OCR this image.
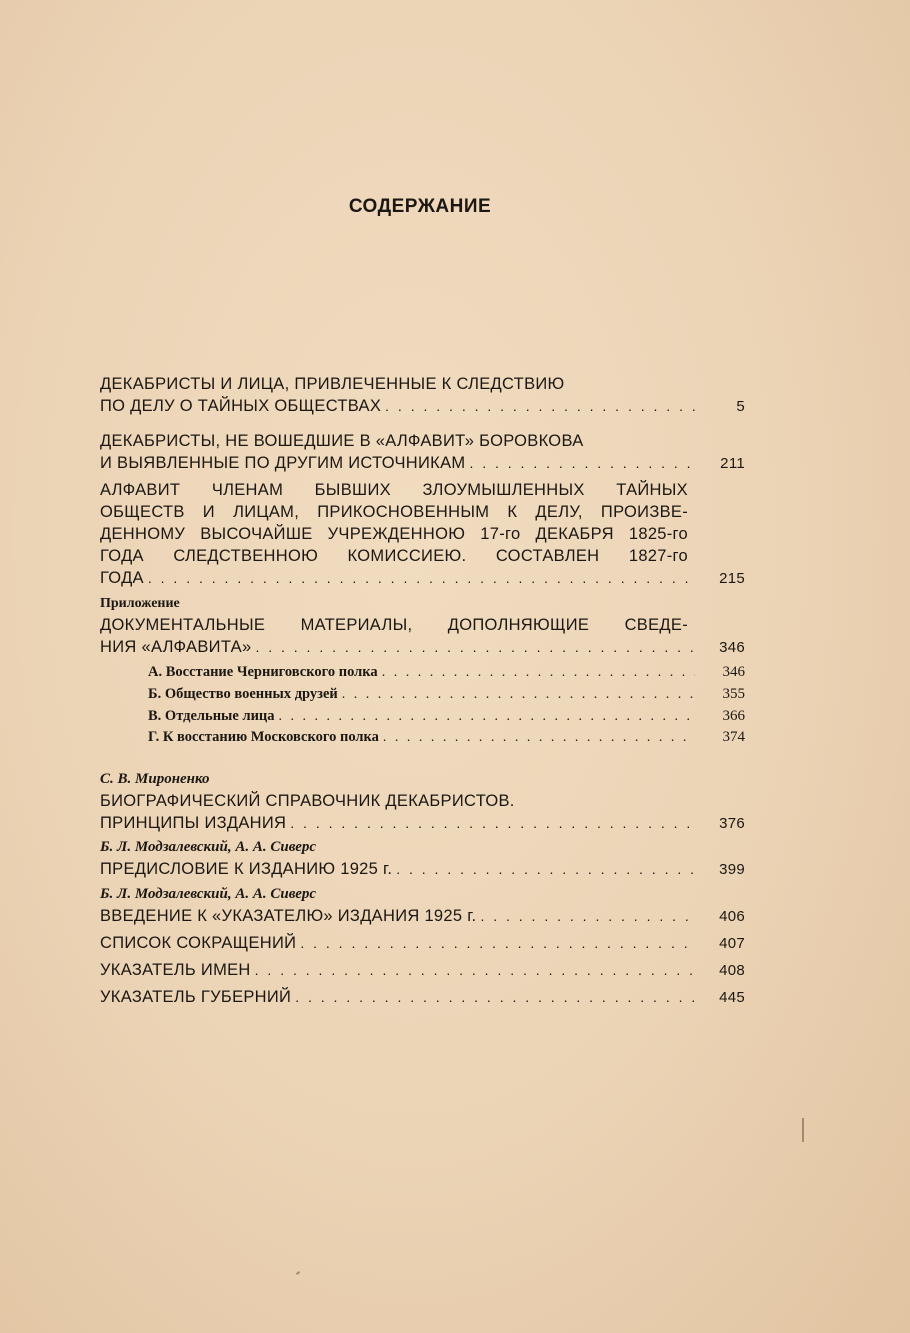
СОДЕРЖАНИЕ
ДЕКАБРИСТЫ И ЛИЦА, ПРИВЛЕЧЕННЫЕ К СЛЕДСТВИЮ
ПО ДЕЛУ О ТАЙНЫХ ОБЩЕСТВАХ . . .	5
ДЕКАБРИСТЫ, НЕ ВОШЕДШИЕ В «АЛФАВИТ» БОРОВКОВА
И ВЫЯВЛЕННЫЕ ПО ДРУГИМ ИСТОЧНИКАМ . . .	211
АЛФАВИТ ЧЛЕНАМ БЫВШИХ ЗЛОУМЫШЛЕННЫХ ТАЙНЫХ
ОБЩЕСТВ И ЛИЦАМ, ПРИКОСНОВЕННЫМ К ДЕЛУ, ПРОИЗВЕ-
ДЕННОМУ ВЫСОЧАЙШЕ УЧРЕЖДЕННОЮ 17-го ДЕКАБРЯ 1825-го
ГОДА СЛЕДСТВЕННОЮ КОМИССИЕЮ. СОСТАВЛЕН 1827-го
ГОДА . . .	215
Приложение
ДОКУМЕНТАЛЬНЫЕ МАТЕРИАЛЫ, ДОПОЛНЯЮЩИЕ СВЕДЕ-
НИЯ «АЛФАВИТА» . . .	346
А. Восстание Черниговского полка . . .	346
Б. Общество военных друзей . . .	355
В. Отдельные лица . . .	366
Г. К восстанию Московского полка . . .	374
С. В. Мироненко
БИОГРАФИЧЕСКИЙ СПРАВОЧНИК ДЕКАБРИСТОВ.
ПРИНЦИПЫ ИЗДАНИЯ . . .	376
Б. Л. Модзалевский, А. А. Сиверс
ПРЕДИСЛОВИЕ К ИЗДАНИЮ 1925 г. . . .	399
Б. Л. Модзалевский, А. А. Сиверс
ВВЕДЕНИЕ К «УКАЗАТЕЛЮ» ИЗДАНИЯ 1925 г. . . .	406
СПИСОК СОКРАЩЕНИЙ . . .	407
УКАЗАТЕЛЬ ИМЕН . . .	408
УКАЗАТЕЛЬ ГУБЕРНИЙ . . .	445
